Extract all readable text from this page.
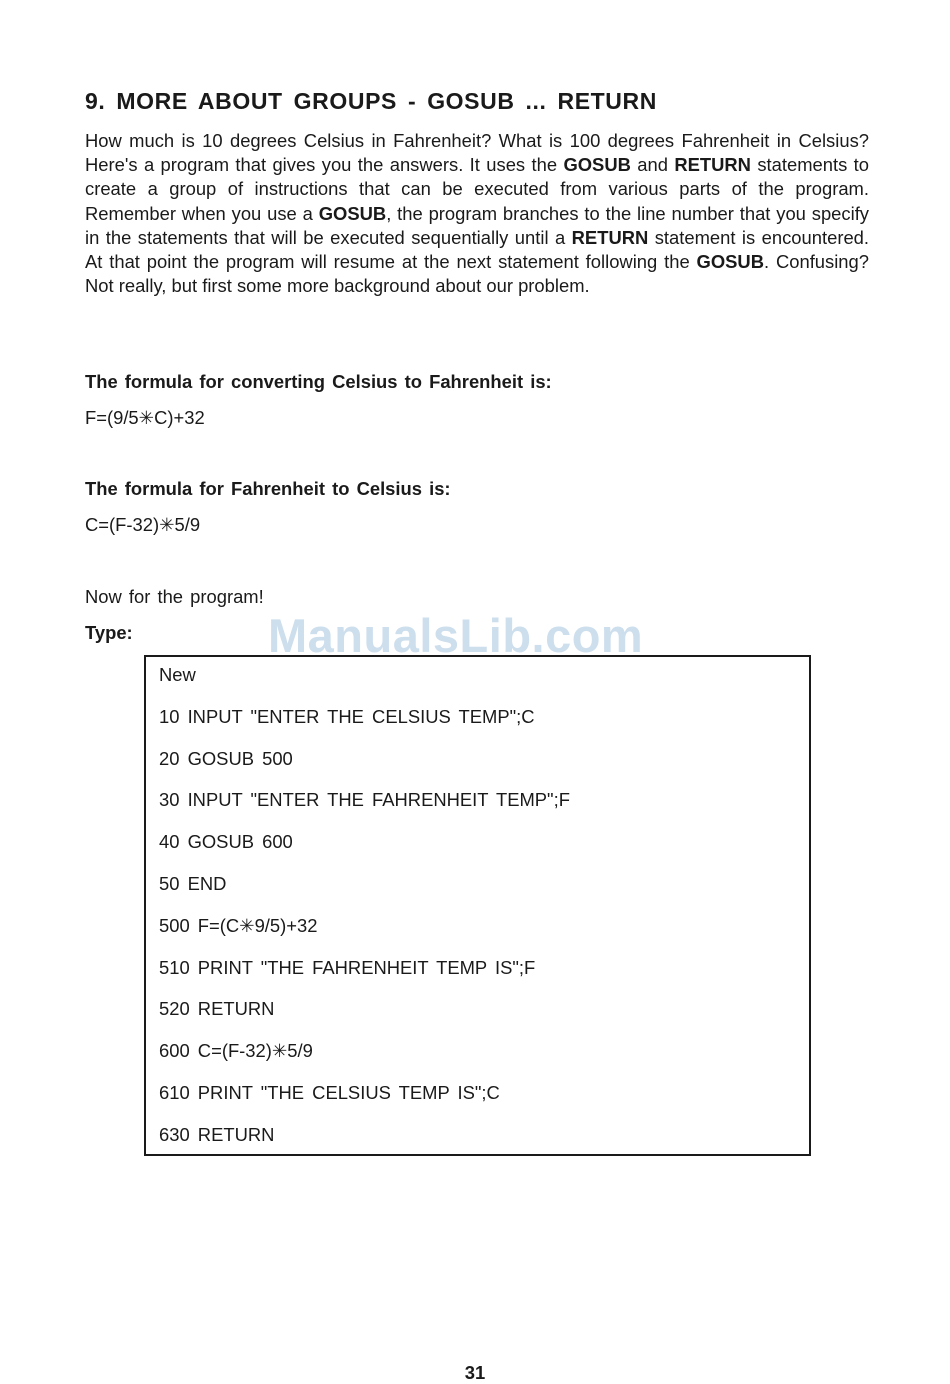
9. MORE ABOUT GROUPS - GOSUB ... RETURN

How much is 10 degrees Celsius in Fahrenheit? What is 100 degrees Fahrenheit in Celsius? Here's a program that gives you the answers. It uses the GOSUB and RETURN statements to create a group of instructions that can be executed from various parts of the program. Remember when you use a GOSUB, the program branches to the line number that you specify in the statements that will be executed sequentially until a RETURN statement is encountered. At that point the program will resume at the next statement following the GOSUB. Confusing? Not really, but first some more background about our problem.

The formula for converting Celsius to Fahrenheit is:

F=(9/5✳C)+32

The formula for Fahrenheit to Celsius is:

C=(F-32)✳5/9

Now for the program!

Type:

New
10 INPUT "ENTER THE CELSIUS TEMP";C
20 GOSUB 500
30 INPUT "ENTER THE FAHRENHEIT TEMP";F
40 GOSUB 600
50 END
500 F=(C✳9/5)+32
510 PRINT "THE FAHRENHEIT TEMP IS";F
520 RETURN
600 C=(F-32)✳5/9
610 PRINT "THE CELSIUS TEMP IS";C
630 RETURN
ManualsLib.com

31
